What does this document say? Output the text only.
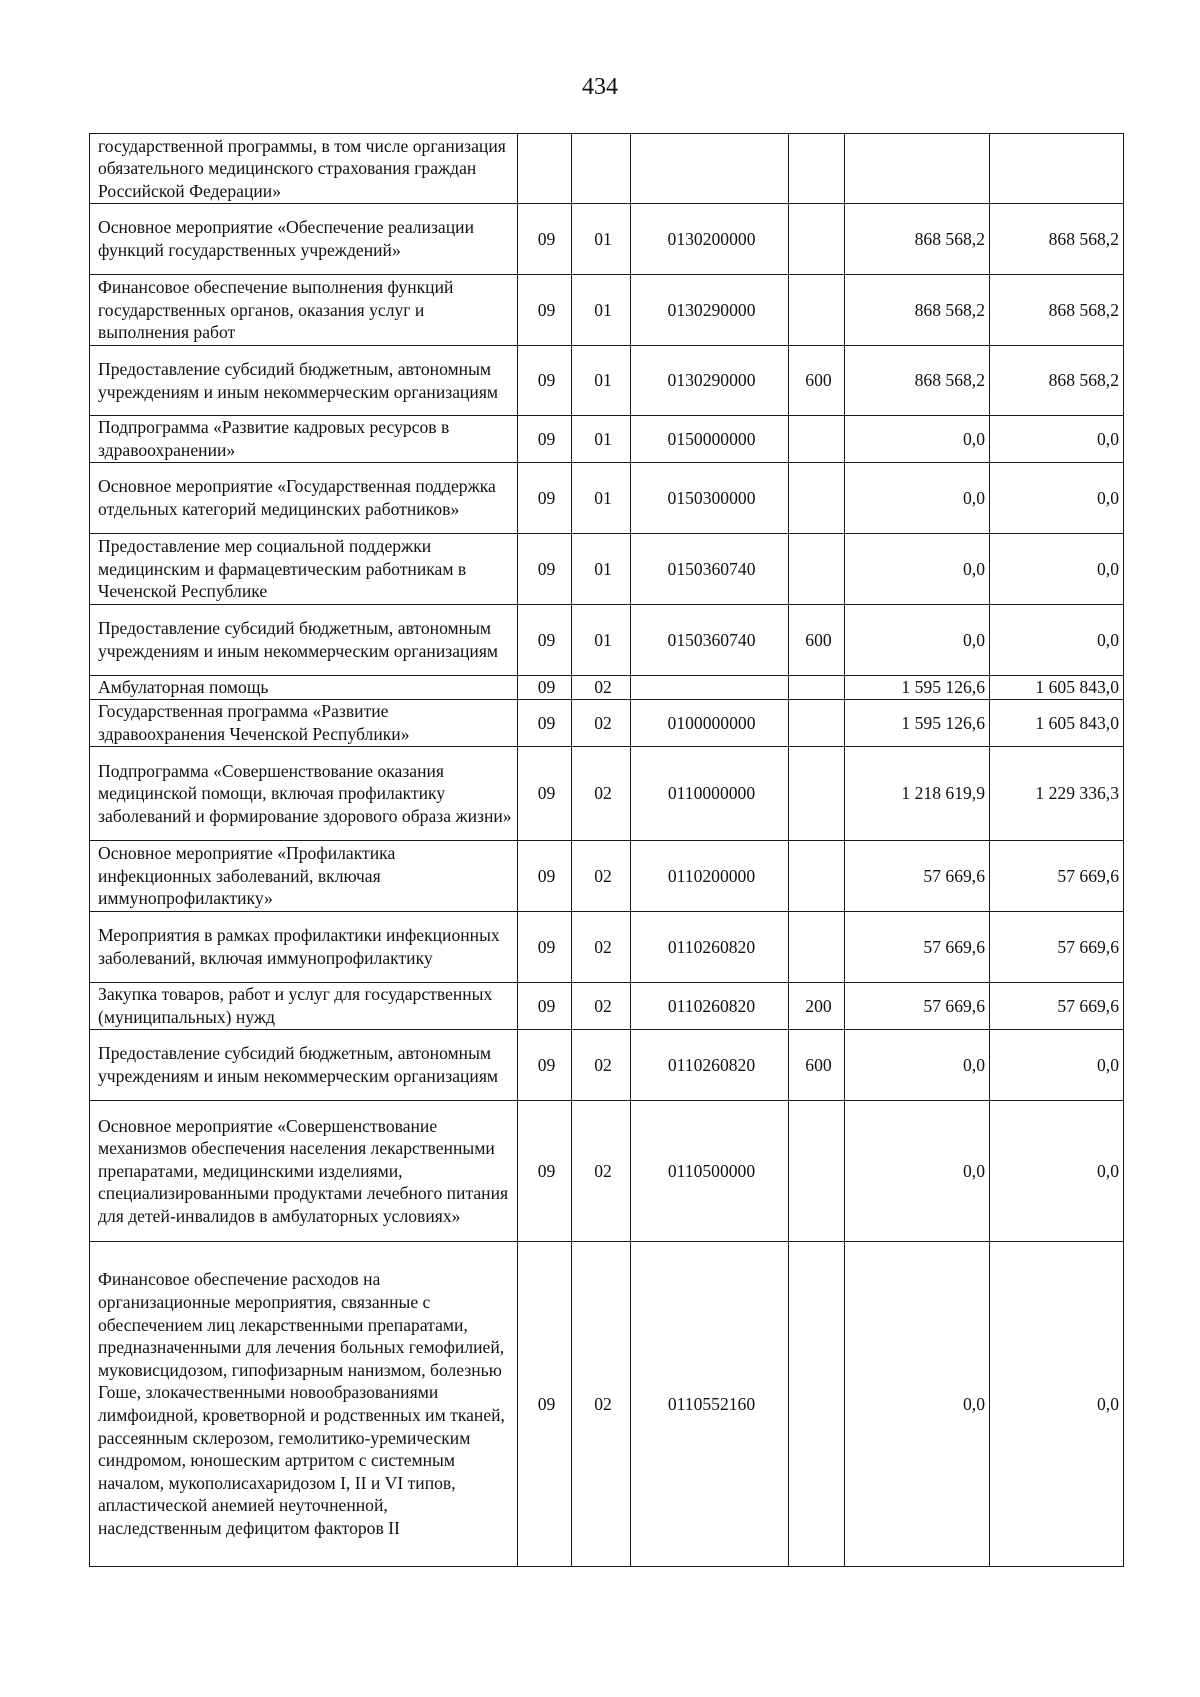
434
государственной программы, в том числе организация обязательного медицинского страхования граждан Российской Федерации»						
Основное мероприятие «Обеспечение реализации функций государственных учреждений»	09	01	0130200000		868 568,2	868 568,2
Финансовое обеспечение выполнения функций государственных органов, оказания услуг и выполнения работ	09	01	0130290000		868 568,2	868 568,2
Предоставление субсидий бюджетным, автономным учреждениям и иным некоммерческим организациям	09	01	0130290000	600	868 568,2	868 568,2
Подпрограмма «Развитие кадровых ресурсов в здравоохранении»	09	01	0150000000		0,0	0,0
Основное мероприятие «Государственная поддержка отдельных категорий медицинских работников»	09	01	0150300000		0,0	0,0
Предоставление мер социальной поддержки медицинским и фармацевтическим работникам в Чеченской Республике	09	01	0150360740		0,0	0,0
Предоставление субсидий бюджетным, автономным учреждениям и иным некоммерческим организациям	09	01	0150360740	600	0,0	0,0
Амбулаторная помощь	09	02			1 595 126,6	1 605 843,0
Государственная программа «Развитие здравоохранения Чеченской Республики»	09	02	0100000000		1 595 126,6	1 605 843,0
Подпрограмма «Совершенствование оказания медицинской помощи, включая профилактику заболеваний и формирование здорового образа жизни»	09	02	0110000000		1 218 619,9	1 229 336,3
Основное мероприятие «Профилактика инфекционных заболеваний, включая иммунопрофилактику»	09	02	0110200000		57 669,6	57 669,6
Мероприятия в рамках профилактики инфекционных заболеваний, включая иммунопрофилактику	09	02	0110260820		57 669,6	57 669,6
Закупка товаров, работ и услуг для государственных (муниципальных) нужд	09	02	0110260820	200	57 669,6	57 669,6
Предоставление субсидий бюджетным, автономным учреждениям и иным некоммерческим организациям	09	02	0110260820	600	0,0	0,0
Основное мероприятие «Совершенствование механизмов обеспечения населения лекарственными препаратами, медицинскими изделиями, специализированными продуктами лечебного питания для детей-инвалидов в амбулаторных условиях»	09	02	0110500000		0,0	0,0
Финансовое обеспечение расходов на организационные мероприятия, связанные с обеспечением лиц лекарственными препаратами, предназначенными для лечения больных гемофилией, муковисцидозом, гипофизарным нанизмом, болезнью Гоше, злокачественными новообразованиями лимфоидной, кроветворной и родственных им тканей, рассеянным склерозом, гемолитико-уремическим синдромом, юношеским артритом с системным началом, мукополисахаридозом I, II и VI типов, апластической анемией неуточненной, наследственным дефицитом факторов II	09	02	0110552160		0,0	0,0
